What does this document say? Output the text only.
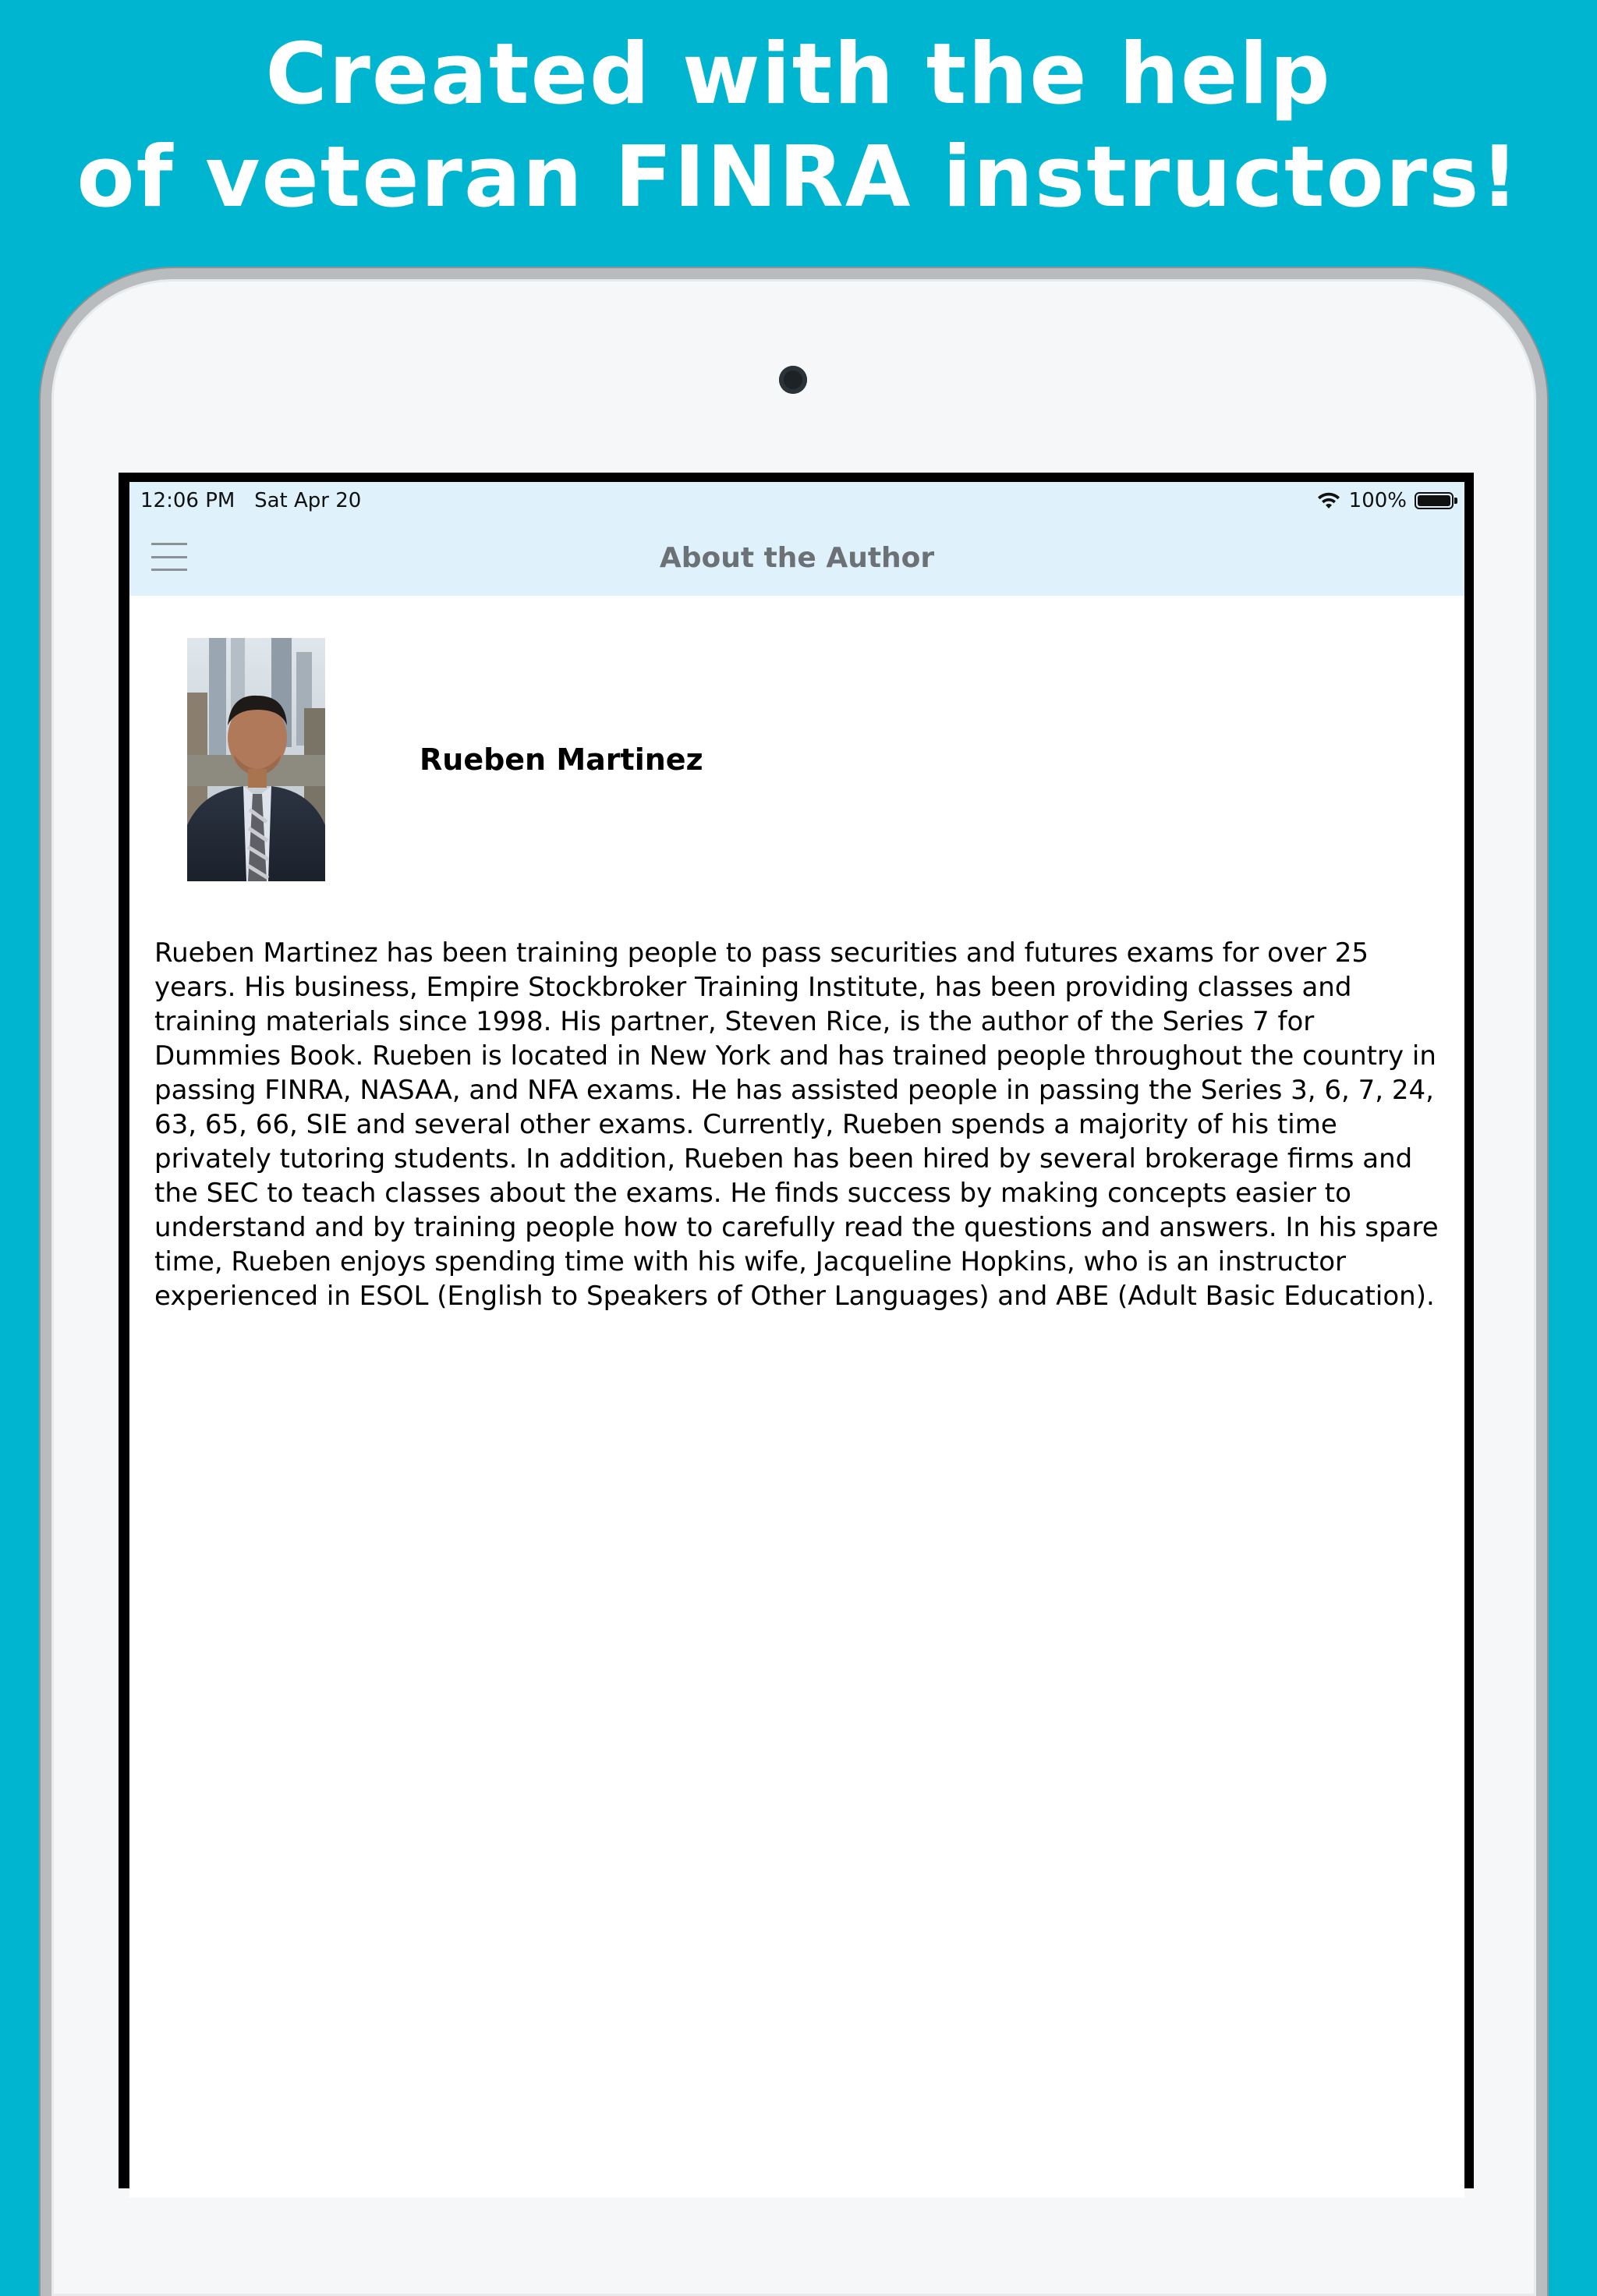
Created with the help
of veteran FINRA instructors!
12:06 PM Sat Apr 20	100%
About the Author
Rueben Martinez

Rueben Martinez has been training people to pass securities and futures exams for over 25 years. His business, Empire Stockbroker Training Institute, has been providing classes and training materials since 1998. His partner, Steven Rice, is the author of the Series 7 for Dummies Book. Rueben is located in New York and has trained people throughout the country in passing FINRA, NASAA, and NFA exams. He has assisted people in passing the Series 3, 6, 7, 24, 63, 65, 66, SIE and several other exams. Currently, Rueben spends a majority of his time privately tutoring students. In addition, Rueben has been hired by several brokerage firms and the SEC to teach classes about the exams. He finds success by making concepts easier to understand and by training people how to carefully read the questions and answers. In his spare time, Rueben enjoys spending time with his wife, Jacqueline Hopkins, who is an instructor experienced in ESOL (English to Speakers of Other Languages) and ABE (Adult Basic Education).
